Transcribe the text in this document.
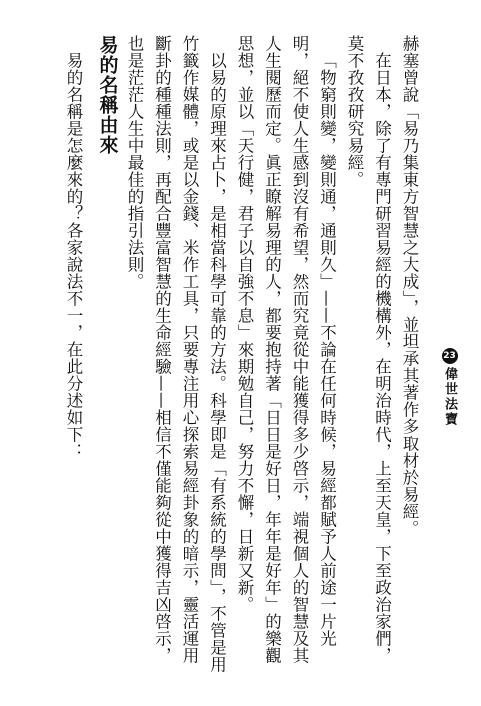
23
偉世法寶

赫塞曾說「易乃集東方智慧之大成」，並坦承其著作多取材於易經。

在日本，除了有專門研習易經的機構外，在明治時代，上至天皇，下至政治家們，莫不孜孜研究易經。

「物窮則變，變則通，通則久」——不論在任何時候，易經都賦予人前途一片光明，絕不使人生感到沒有希望，然而究竟從中能獲得多少啓示，端視個人的智慧及其人生閱歷而定。眞正瞭解易理的人，都要抱持著「日日是好日，年年是好年」的樂觀思想，並以「天行健，君子以自強不息」來期勉自己，努力不懈，日新又新。

以易的原理來占卜，是相當科學可靠的方法。科學即是「有系統的學問」，不管是用竹籤作媒體，或是以金錢、米作工具，只要專注用心探索易經卦象的暗示，靈活運用斷卦的種種法則，再配合豐富智慧的生命經驗——相信不僅能夠從中獲得吉凶啓示，也是茫茫人生中最佳的指引法則。

易的名稱由來

易的名稱是怎麼來的？各家說法不一，在此分述如下：
